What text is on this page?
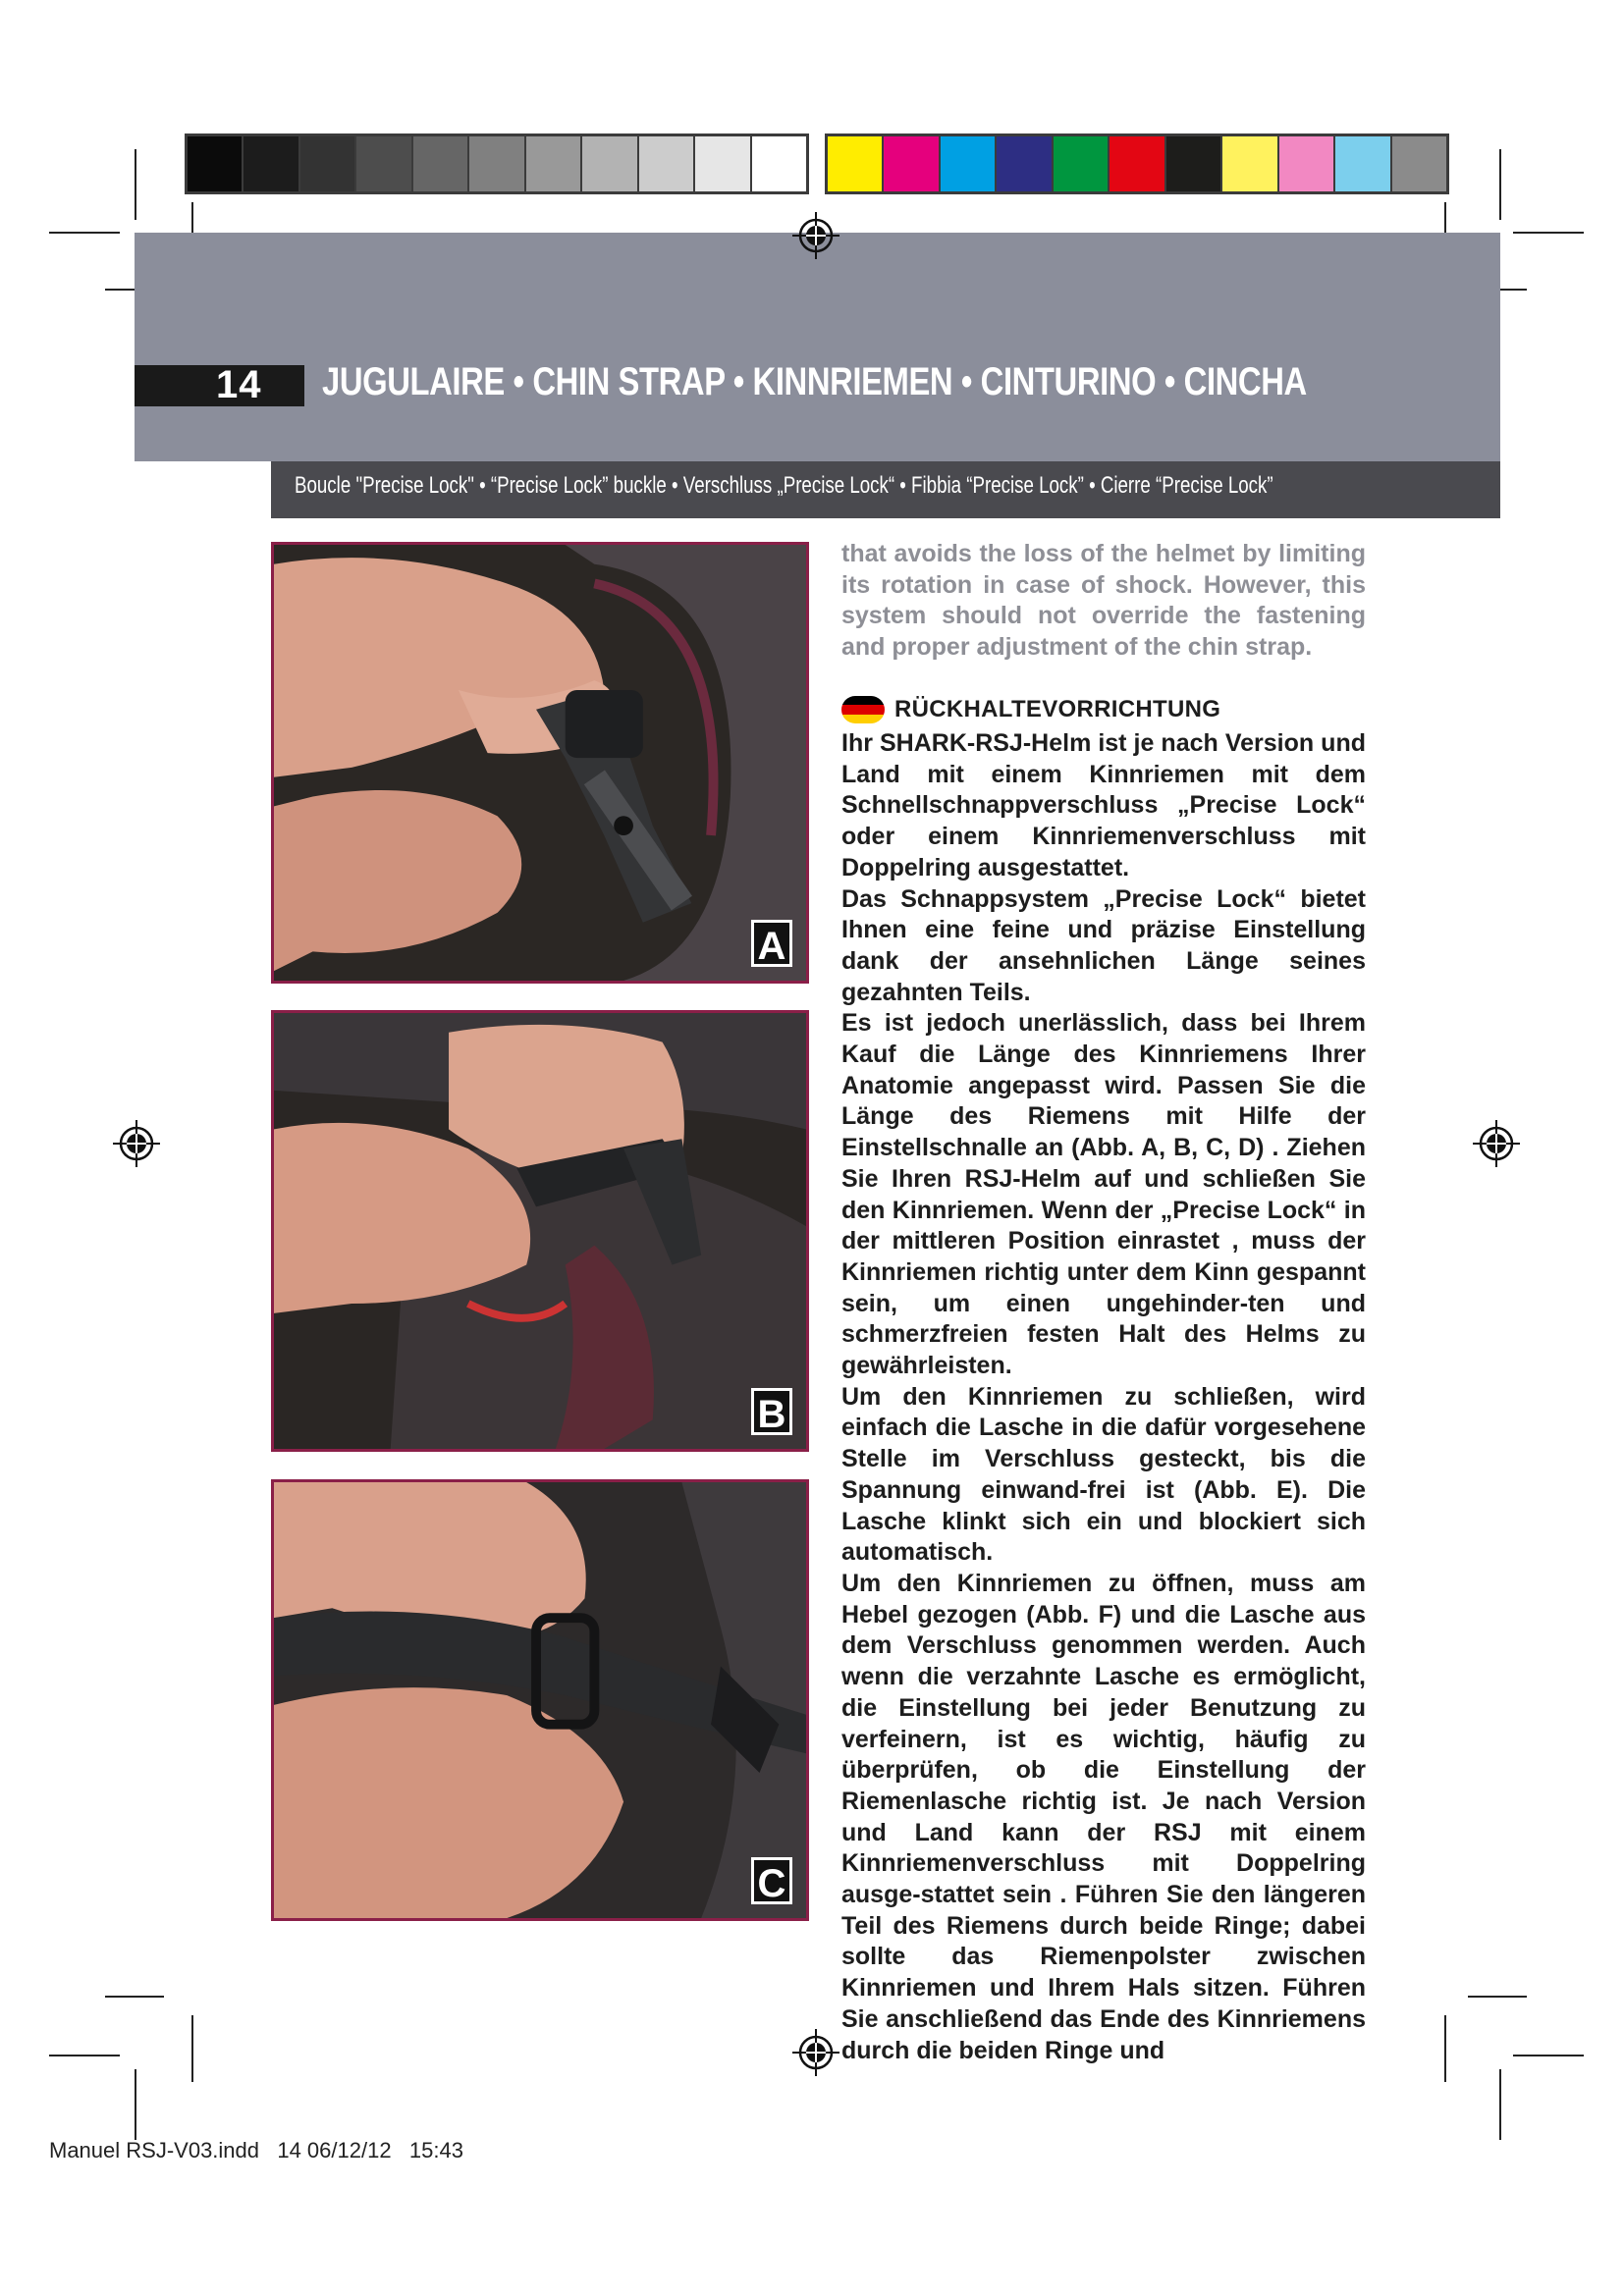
14 JUGULAIRE • CHIN STRAP • KINNRIEMEN • CINTURINO • CINCHA
Boucle "Precise Lock" • “Precise Lock” buckle • Verschluss „Precise Lock“ • Fibbia “Precise Lock” • Cierre “Precise Lock”
A
B
C
that avoids the loss of the helmet by limiting its rotation in case of shock. However, this system should not override the fastening and proper adjustment of the chin strap.
RÜCKHALTEVORRICHTUNG

Ihr SHARK-RSJ-Helm ist je nach Version und Land mit einem Kinnriemen mit dem Schnellschnappverschluss „Precise Lock“ oder einem Kinnriemenverschluss mit Doppelring ausgestattet.

Das Schnappsystem „Precise Lock“ bietet Ihnen eine feine und präzise Einstellung dank der ansehnlichen Länge seines gezahnten Teils.

Es ist jedoch unerlässlich, dass bei Ihrem Kauf die Länge des Kinnriemens Ihrer Anatomie angepasst wird. Passen Sie die Länge des Riemens mit Hilfe der Einstellschnalle an (Abb. A, B, C, D) . Ziehen Sie Ihren RSJ-Helm auf und schließen Sie den Kinnriemen. Wenn der „Precise Lock“ in der mittleren Position einrastet , muss der Kinnriemen richtig unter dem Kinn gespannt sein, um einen ungehinder-ten und schmerzfreien festen Halt des Helms zu gewährleisten.

Um den Kinnriemen zu schließen, wird einfach die Lasche in die dafür vorgesehene Stelle im Verschluss gesteckt, bis die Spannung einwand-frei ist (Abb. E). Die Lasche klinkt sich ein und blockiert sich automatisch.

Um den Kinnriemen zu öffnen, muss am Hebel gezogen (Abb. F) und die Lasche aus dem Verschluss genommen werden. Auch wenn die verzahnte Lasche es ermöglicht, die Einstellung bei jeder Benutzung zu verfeinern, ist es wichtig, häufig zu überprüfen, ob die Einstellung der Riemenlasche richtig ist. Je nach Version und Land kann der RSJ mit einem Kinnriemenverschluss mit Doppelring ausge-stattet sein . Führen Sie den längeren Teil des Riemens durch beide Ringe; dabei sollte das Riemenpolster zwischen Kinnriemen und Ihrem Hals sitzen. Führen Sie anschließend das Ende des Kinnriemens durch die beiden Ringe und

Manuel RSJ-V03.indd   14 06/12/12   15:43
